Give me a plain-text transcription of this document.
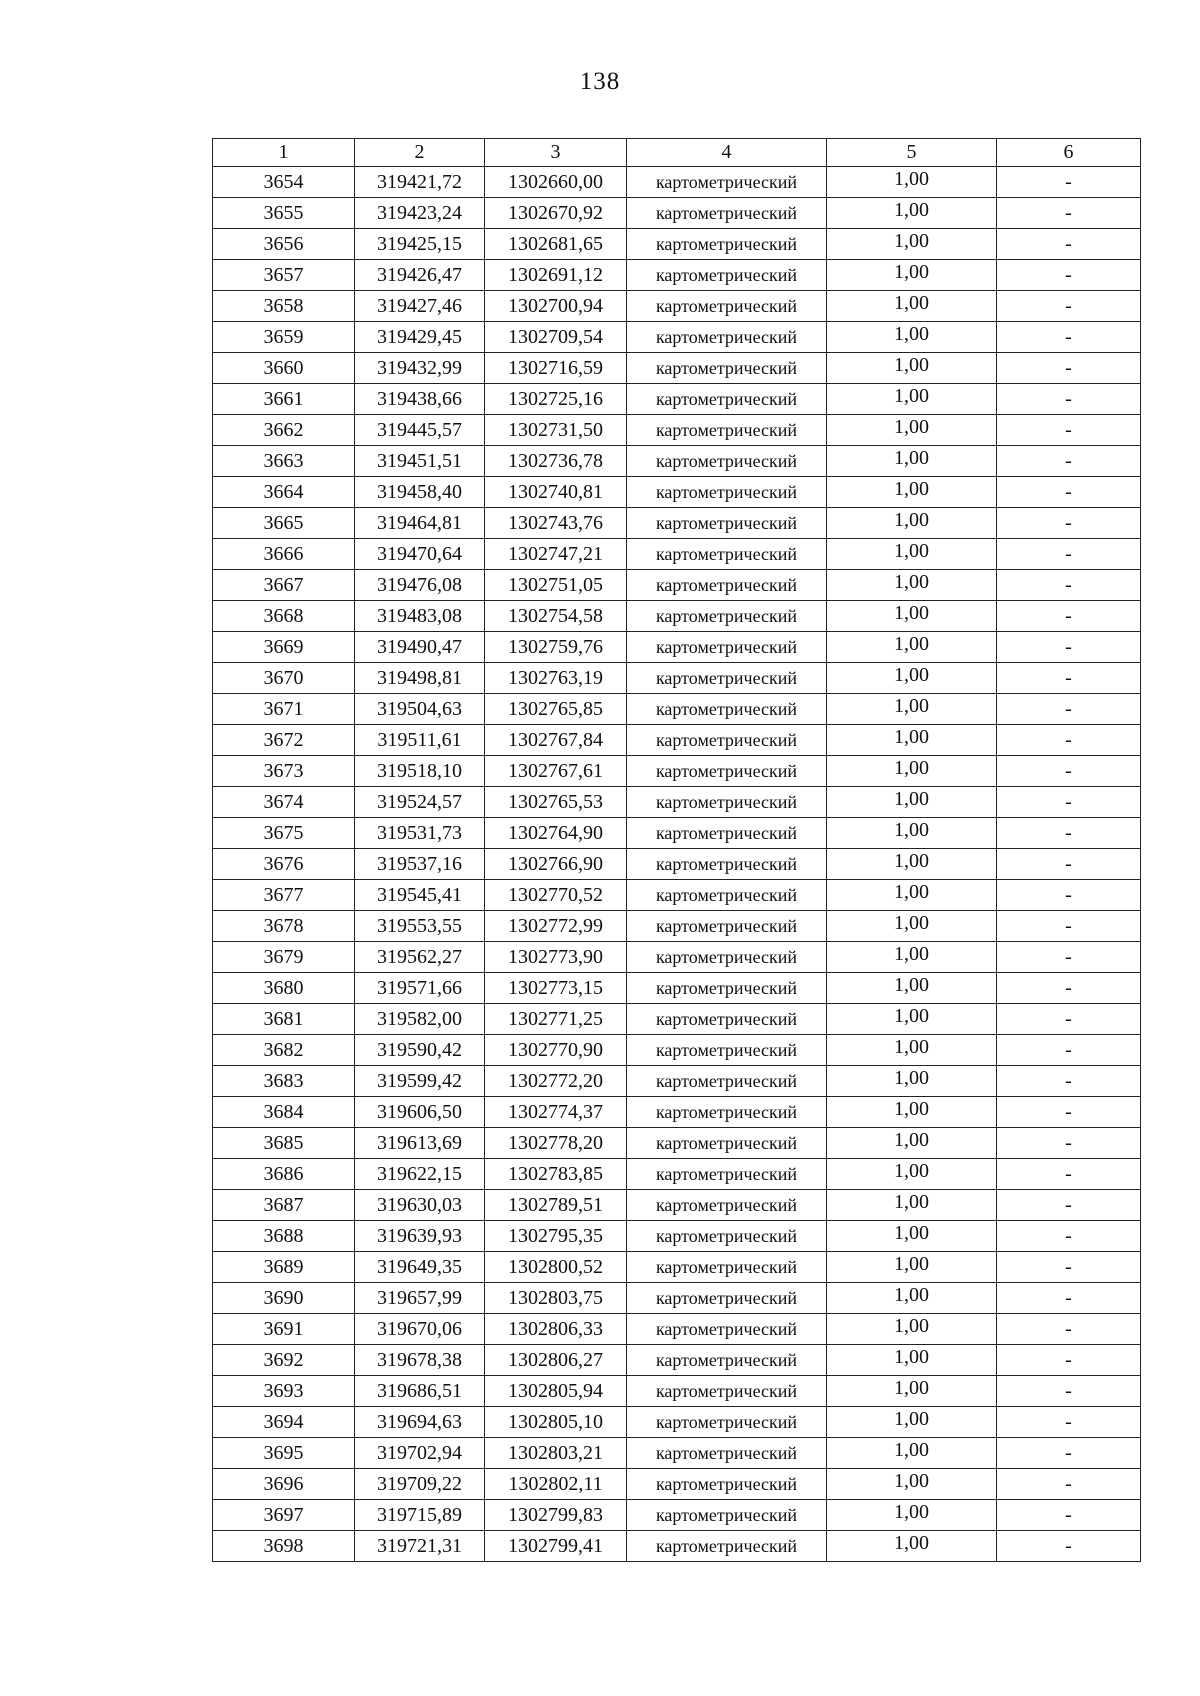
138
1	2	3	4	5	6
3654	319421,72	1302660,00	картометрический	1,00	-
3655	319423,24	1302670,92	картометрический	1,00	-
3656	319425,15	1302681,65	картометрический	1,00	-
3657	319426,47	1302691,12	картометрический	1,00	-
3658	319427,46	1302700,94	картометрический	1,00	-
3659	319429,45	1302709,54	картометрический	1,00	-
3660	319432,99	1302716,59	картометрический	1,00	-
3661	319438,66	1302725,16	картометрический	1,00	-
3662	319445,57	1302731,50	картометрический	1,00	-
3663	319451,51	1302736,78	картометрический	1,00	-
3664	319458,40	1302740,81	картометрический	1,00	-
3665	319464,81	1302743,76	картометрический	1,00	-
3666	319470,64	1302747,21	картометрический	1,00	-
3667	319476,08	1302751,05	картометрический	1,00	-
3668	319483,08	1302754,58	картометрический	1,00	-
3669	319490,47	1302759,76	картометрический	1,00	-
3670	319498,81	1302763,19	картометрический	1,00	-
3671	319504,63	1302765,85	картометрический	1,00	-
3672	319511,61	1302767,84	картометрический	1,00	-
3673	319518,10	1302767,61	картометрический	1,00	-
3674	319524,57	1302765,53	картометрический	1,00	-
3675	319531,73	1302764,90	картометрический	1,00	-
3676	319537,16	1302766,90	картометрический	1,00	-
3677	319545,41	1302770,52	картометрический	1,00	-
3678	319553,55	1302772,99	картометрический	1,00	-
3679	319562,27	1302773,90	картометрический	1,00	-
3680	319571,66	1302773,15	картометрический	1,00	-
3681	319582,00	1302771,25	картометрический	1,00	-
3682	319590,42	1302770,90	картометрический	1,00	-
3683	319599,42	1302772,20	картометрический	1,00	-
3684	319606,50	1302774,37	картометрический	1,00	-
3685	319613,69	1302778,20	картометрический	1,00	-
3686	319622,15	1302783,85	картометрический	1,00	-
3687	319630,03	1302789,51	картометрический	1,00	-
3688	319639,93	1302795,35	картометрический	1,00	-
3689	319649,35	1302800,52	картометрический	1,00	-
3690	319657,99	1302803,75	картометрический	1,00	-
3691	319670,06	1302806,33	картометрический	1,00	-
3692	319678,38	1302806,27	картометрический	1,00	-
3693	319686,51	1302805,94	картометрический	1,00	-
3694	319694,63	1302805,10	картометрический	1,00	-
3695	319702,94	1302803,21	картометрический	1,00	-
3696	319709,22	1302802,11	картометрический	1,00	-
3697	319715,89	1302799,83	картометрический	1,00	-
3698	319721,31	1302799,41	картометрический	1,00	-
